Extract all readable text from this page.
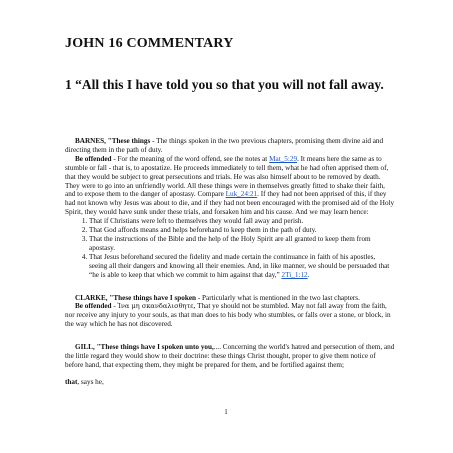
JOHN 16 COMMENTARY
1 “All this I have told you so that you will not fall away.

BARNES, "These things - The things spoken in the two previous chapters, promising them divine aid and directing them in the path of duty.

Be offended - For the meaning of the word offend, see the notes at Mat_5:29. It means here the same as to stumble or fall - that is, to apostatize. He proceeds immediately to tell them, what he had often apprised them of, that they would be subject to great persecutions and trials. He was also himself about to be removed by death. They were to go into an unfriendly world. All these things were in themselves greatly fitted to shake their faith, and to expose them to the danger of apostasy. Compare Luk_24:21. If they had not been apprised of this, if they had not known why Jesus was about to die, and if they had not been encouraged with the promised aid of the Holy Spirit, they would have sunk under these trials, and forsaken him and his cause. And we may learn hence:

1. That if Christians were left to themselves they would fall away and perish.
2. That God affords means and helps beforehand to keep them in the path of duty.
3. That the instructions of the Bible and the help of the Holy Spirit are all granted to keep them from apostasy.
4. That Jesus beforehand secured the fidelity and made certain the continuance in faith of his apostles, seeing all their dangers and knowing all their enemies. And, in like manner, we should be persuaded that “he is able to keep that which we commit to him against that day,” 2Ti_1:12.

CLARKE, "These things have I spoken - Particularly what is mentioned in the two last chapters.

Be offended - Ἱνα μη σκανδαλισθητε, That ye should not be stumbled. May not fall away from the faith, nor receive any injury to your souls, as that man does to his body who stumbles, or falls over a stone, or block, in the way which he has not discovered.

GILL, "These things have I spoken unto you,.... Concerning the world's hatred and persecution of them, and the little regard they would show to their doctrine: these things Christ thought, proper to give them notice of before hand, that expecting them, they might be prepared for them, and be fortified against them;

that, says he,

1
